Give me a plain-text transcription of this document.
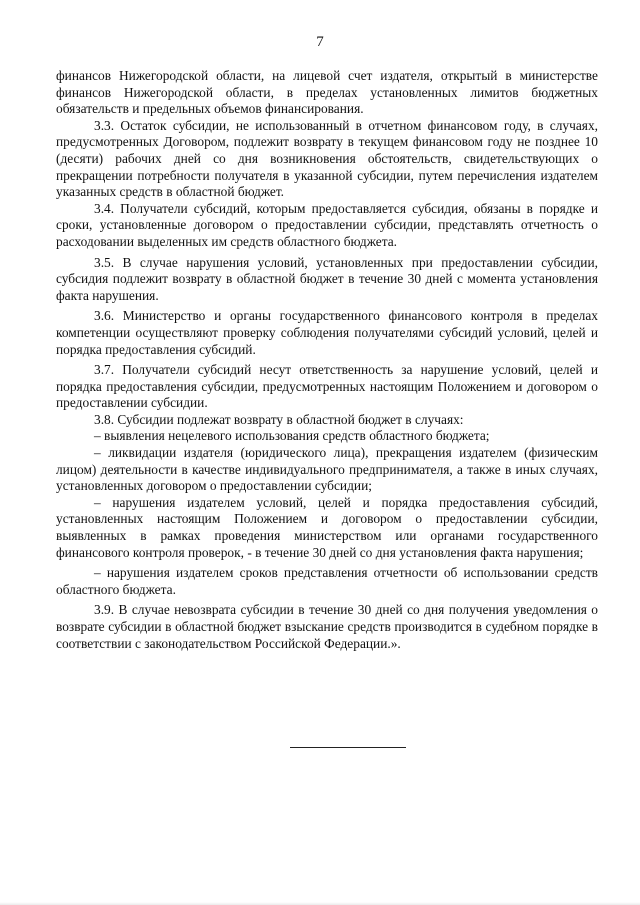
7

финансов Нижегородской области, на лицевой счет издателя, открытый в министерстве финансов Нижегородской области, в пределах установленных лимитов бюджетных обязательств и предельных объемов финансирования.

3.3. Остаток субсидии, не использованный в отчетном финансовом году, в случаях, предусмотренных Договором, подлежит возврату в текущем финансовом году не позднее 10 (десяти) рабочих дней со дня возникновения обстоятельств, свидетельствующих о прекращении потребности получателя в указанной субсидии, путем перечисления издателем указанных средств в областной бюджет.

3.4. Получатели субсидий, которым предоставляется субсидия, обязаны в порядке и сроки, установленные договором о предоставлении субсидии, представлять отчетность о расходовании выделенных им средств областного бюджета.

3.5. В случае нарушения условий, установленных при предоставлении субсидии, субсидия подлежит возврату в областной бюджет в течение 30 дней с момента установления факта нарушения.

3.6. Министерство и органы государственного финансового контроля в пределах компетенции осуществляют проверку соблюдения получателями субсидий условий, целей и порядка предоставления субсидий.

3.7. Получатели субсидий несут ответственность за нарушение условий, целей и порядка предоставления субсидии, предусмотренных настоящим Положением и договором о предоставлении субсидии.

3.8. Субсидии подлежат возврату в областной бюджет в случаях:

– выявления нецелевого использования средств областного бюджета;

– ликвидации издателя (юридического лица), прекращения издателем (физическим лицом) деятельности в качестве индивидуального предпринимателя, а также в иных случаях, установленных договором о предоставлении субсидии;

– нарушения издателем условий, целей и порядка предоставления субсидий, установленных настоящим Положением и договором о предоставлении субсидии, выявленных в рамках проведения министерством или органами государственного финансового контроля проверок, - в течение 30 дней со дня установления факта нарушения;

– нарушения издателем сроков представления отчетности об использовании средств областного бюджета.

3.9. В случае невозврата субсидии в течение 30 дней со дня получения уведомления о возврате субсидии в областной бюджет взыскание средств производится в судебном порядке в соответствии с законодательством Российской Федерации.».
